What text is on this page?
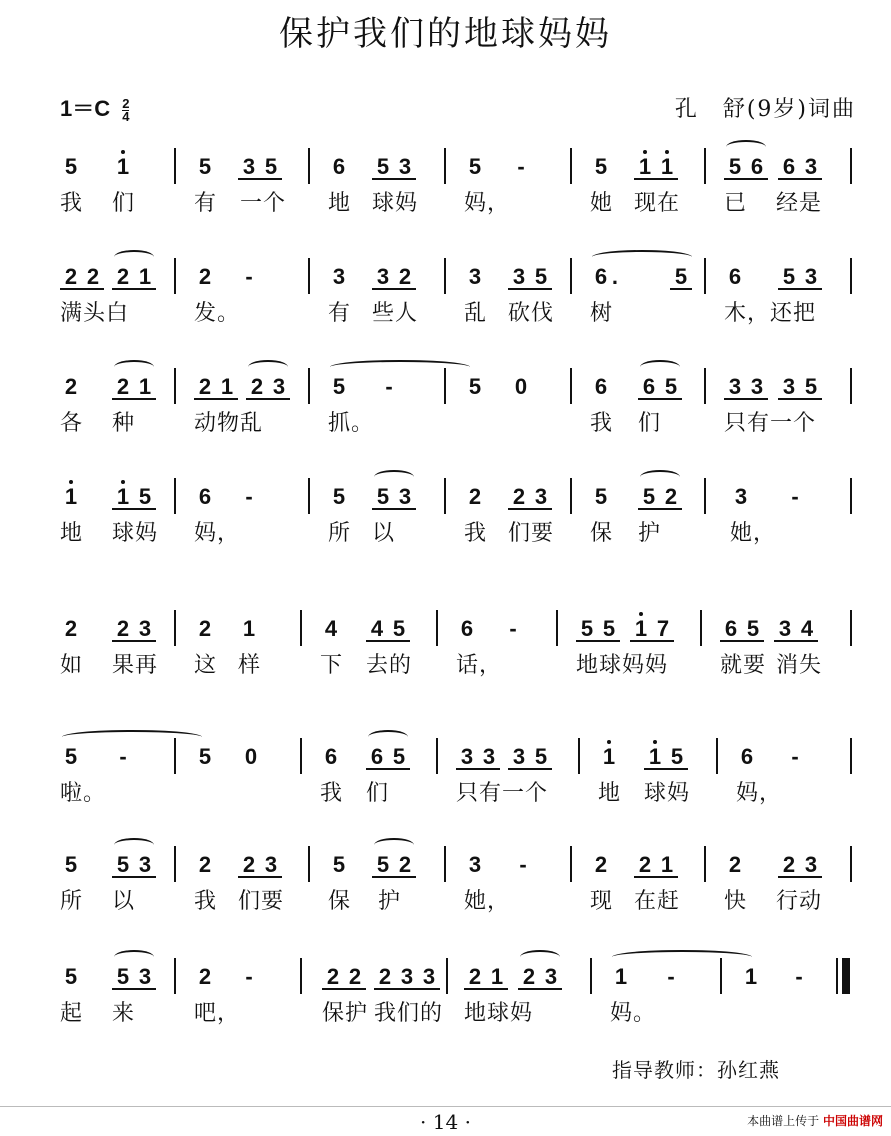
保护我们的地球妈妈
$1=C \frac{2}{4}$	孔　舒(9岁)词曲
5 1	5 3 5	6 5 3	5	-	5 1 1	5 6 6 3
我 们	有 一个 地 球妈 妈，	她 现在 已 经是
2 2 2 1 2	-	3 3 2	3 3 5 6 .	5 6 5 3
满头白	发。	有 些人 乱 砍伐 树	木，还把
2 2 1 2 1 2 3 5	-	5 0	6 6 5 3 3 3 5
各 种	动物乱	抓。	我 们	只有一个
1 1 5 6	-	5 5 3	2 2 3 5 5 2	3	-
地 球妈 妈，	所 以	我 们要 保 护	她，
2 2 3 2 1	4 4 5	6	-	5 5 1 7	6 5 3 4
如 果再 这 样	下 去的 话，	地球妈妈 就要 消失
5	-	5 0	6 6 5	3 3 3 5	1 1 5	6	-
啦。	我 们	只有一个 地 球妈 妈，
5 5 3 2 2 3	5 5 2	3	-	2 2 1	2 2 3
所 以	我 们要 保 护	她，	现 在赶 快 行动
5 5 3 2	-	2 2 2 3 3 2 1 2 3	1	-	1	-
起 来	吧，	保护 我们的 地球妈	妈。
指导教师：孙红燕
· 14 ·	本曲谱上传于 中国曲谱网
